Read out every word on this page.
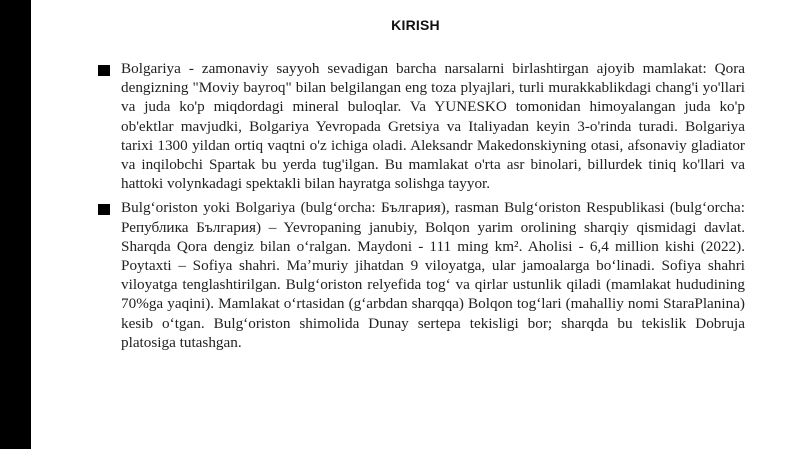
KIRISH
Bolgariya - zamonaviy sayyoh sevadigan barcha narsalarni birlashtirgan ajoyib mamlakat: Qora dengizning "Moviy bayroq" bilan belgilangan eng toza plyajlari, turli murakkablikdagi chang'i yo'llari va juda ko'p miqdordagi mineral buloqlar. Va YUNESKO tomonidan himoyalangan juda ko'p ob'ektlar mavjudki, Bolgariya Yevropada Gretsiya va Italiyadan keyin 3-o'rinda turadi. Bolgariya tarixi 1300 yildan ortiq vaqtni o'z ichiga oladi. Aleksandr Makedonskiyning otasi, afsonaviy gladiator va inqilobchi Spartak bu yerda tug'ilgan. Bu mamlakat o'rta asr binolari, billurdek tiniq ko'llari va hattoki volynkadagi spektakli bilan hayratga solishga tayyor.
Bulg‘oriston yoki Bolgariya (bulg‘orcha: България), rasman Bulg‘oriston Respublikasi (bulg‘orcha: Република България) – Yevropaning janubiy, Bolqon yarim orolining sharqiy qismidagi davlat. Sharqda Qora dengiz bilan oʻralgan. Maydoni - 111 ming km². Aholisi - 6,4 million kishi (2022). Poytaxti – Sofiya shahri. Maʼmuriy jihatdan 9 viloyatga, ular jamoalarga bo‘linadi. Sofiya shahri viloyatga tenglashtirilgan. Bulg‘oriston relyefida tog‘ va qirlar ustunlik qiladi (mamlakat hududining 70%ga yaqini). Mamlakat oʻrtasidan (gʻarbdan sharqqa) Bolqon togʻlari (mahalliy nomi StaraPlanina) kesib oʻtgan. Bulgʻoriston shimolida Dunay sertepa tekisligi bor; sharqda bu tekislik Dobruja platosiga tutashgan.
